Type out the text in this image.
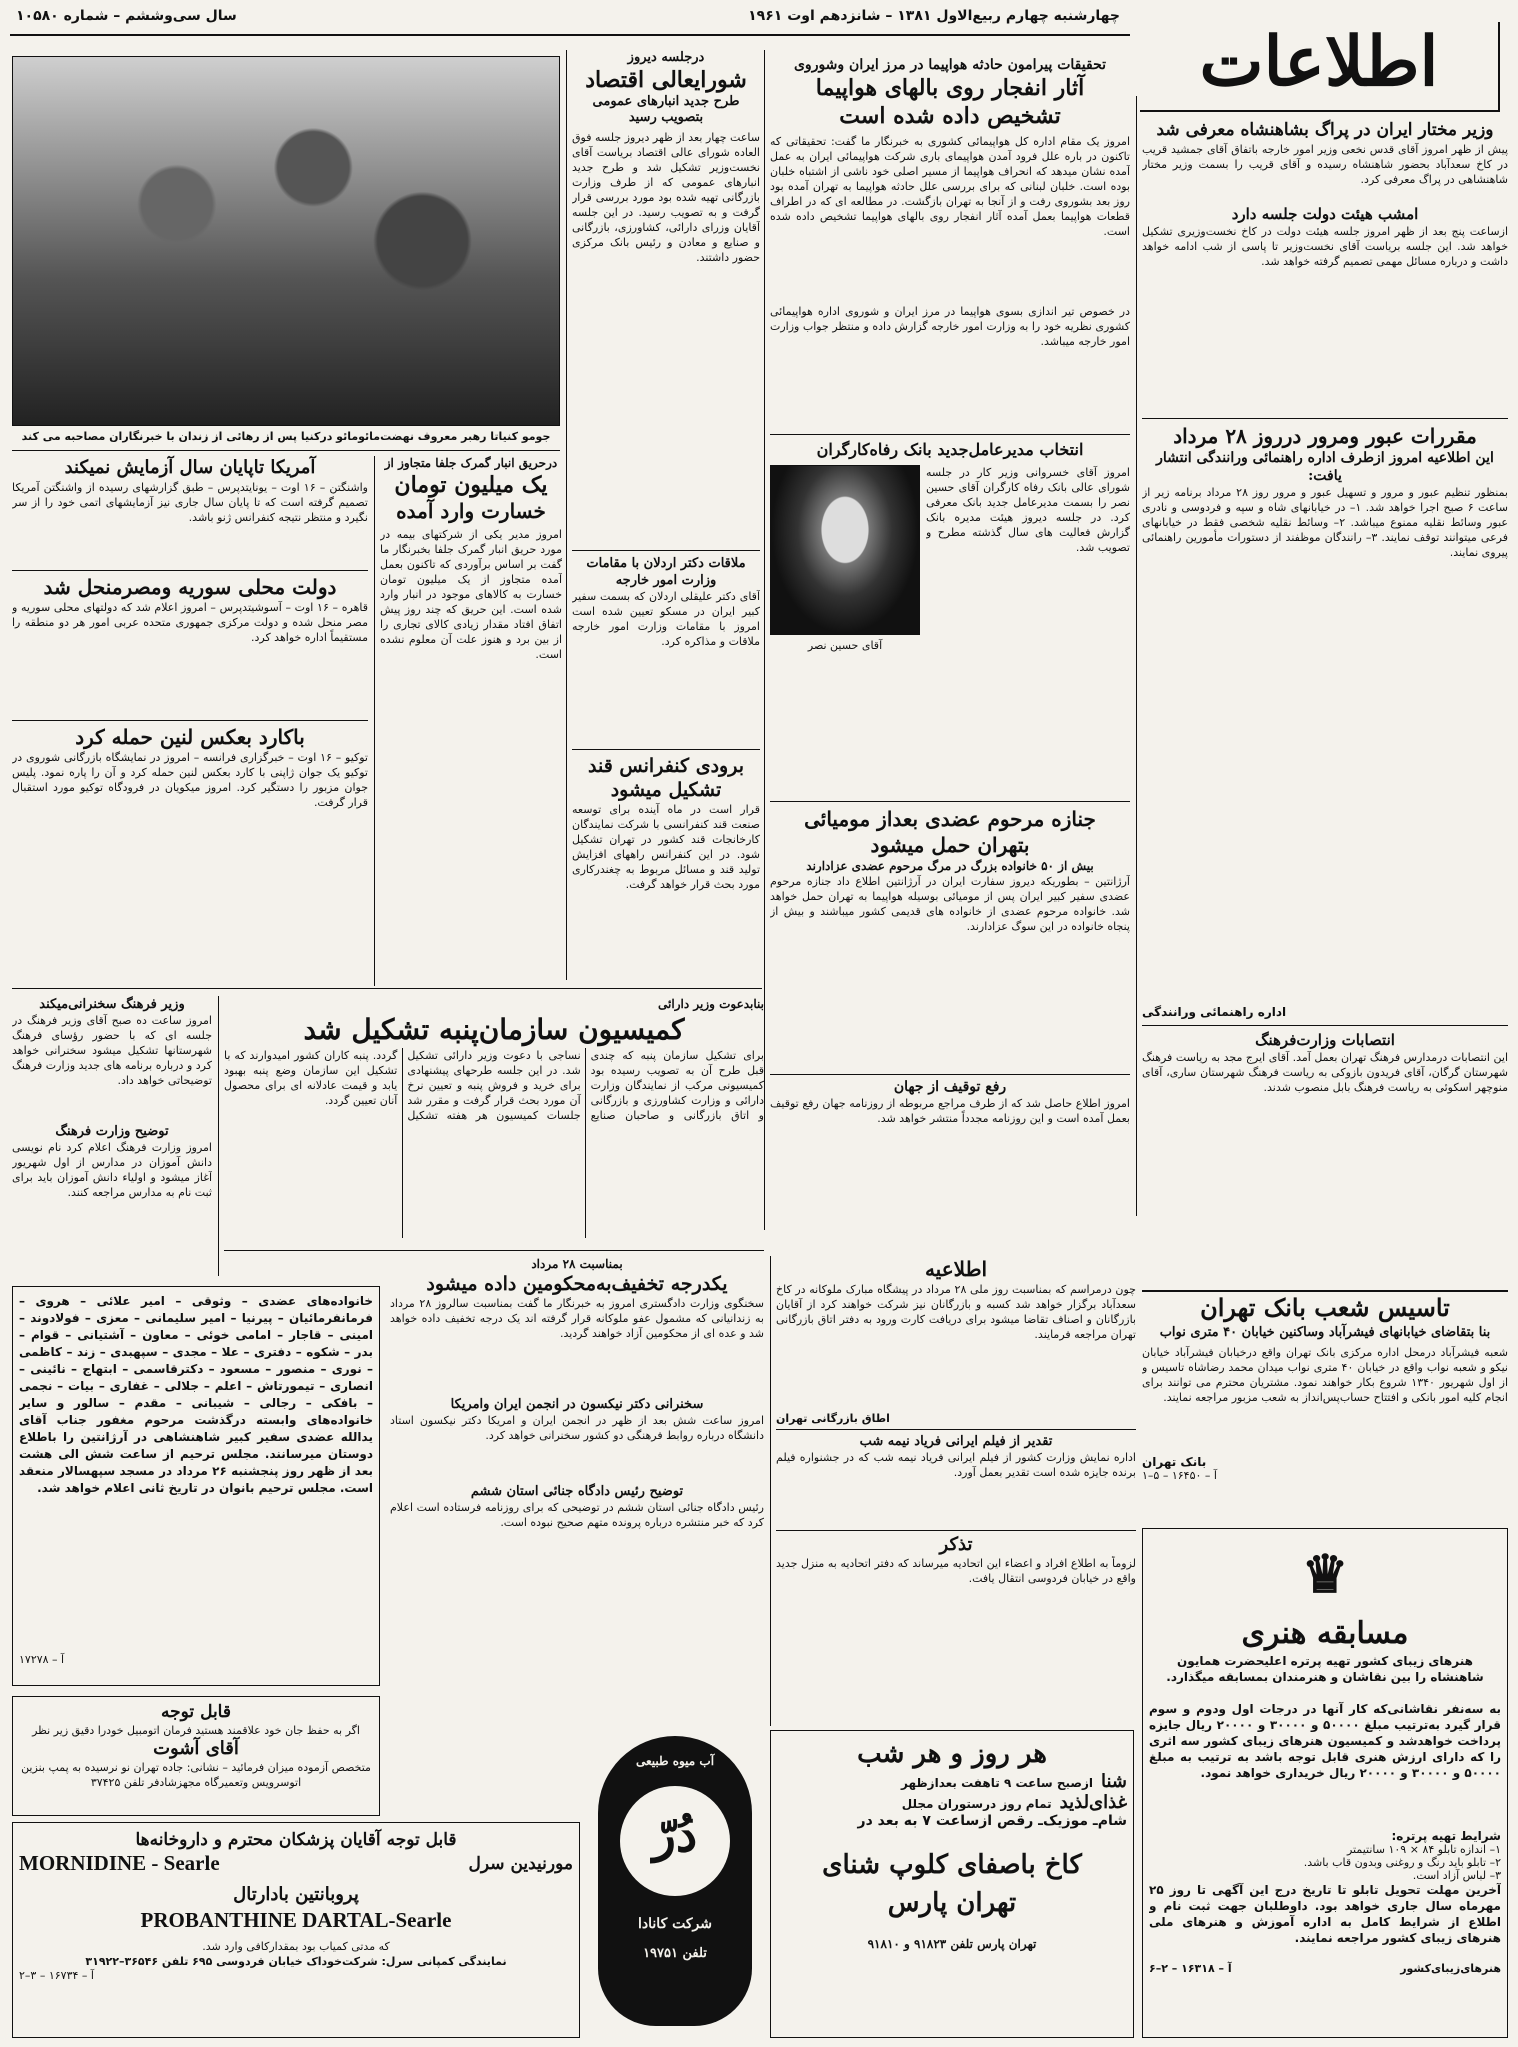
چهارشنبه چهارم ربیع‌الاول ۱۳۸۱ – شانزدهم اوت ۱۹۶۱
سال سی‌وششم – شماره ۱۰۵۸۰
اطلاعات
وزیر مختار ایران در پراگ بشاهنشاه معرفی شد
پیش از ظهر امروز آقای قدس نخعی وزیر امور خارجه باتفاق آقای جمشید قریب در کاخ سعدآباد بحضور شاهنشاه رسیده و آقای قریب را بسمت وزیر مختار شاهنشاهی در پراگ معرفی کرد.
امشب هیئت دولت جلسه دارد
ازساعت پنج بعد از ظهر امروز جلسه هیئت دولت در کاخ نخست‌وزیری تشکیل خواهد شد. این جلسه بریاست آقای نخست‌وزیر تا پاسی از شب ادامه خواهد داشت و درباره مسائل مهمی تصمیم گرفته خواهد شد.
مقررات عبور ومرور درروز ۲۸ مرداد
این اطلاعیه امروز ازطرف اداره راهنمائی ورانندگی انتشار یافت:
بمنظور تنظیم عبور و مرور و تسهیل عبور و مرور روز ۲۸ مرداد برنامه زیر از ساعت ۶ صبح اجرا خواهد شد. ۱– در خیابانهای شاه و سپه و فردوسی و نادری عبور وسائط نقلیه ممنوع میباشد. ۲– وسائط نقلیه شخصی فقط در خیابانهای فرعی میتوانند توقف نمایند. ۳– رانندگان موظفند از دستورات مأمورین راهنمائی پیروی نمایند.
اداره راهنمائی ورانندگی
انتصابات وزارت‌فرهنگ
این انتصابات درمدارس فرهنگ تهران بعمل آمد. آقای ایرج مجد به ریاست فرهنگ شهرستان گرگان، آقای فریدون بازوکی به ریاست فرهنگ شهرستان ساری، آقای منوچهر اسکوئی به ریاست فرهنگ بابل منصوب شدند.
تحقیقات پیرامون حادثه هواپیما در مرز ایران وشوروی
آثار انفجار روی بالهای هواپیما
تشخیص داده شده است
امروز یک مقام اداره کل هواپیمائی کشوری به خبرنگار ما گفت: تحقیقاتی که تاکنون در باره علل فرود آمدن هواپیمای باری شرکت هواپیمائی ایران به عمل آمده نشان میدهد که انحراف هواپیما از مسیر اصلی خود ناشی از اشتباه خلبان بوده است. خلبان لبنانی که برای بررسی علل حادثه هواپیما به تهران آمده بود روز بعد بشوروی رفت و از آنجا به تهران بازگشت. در مطالعه ای که در اطراف قطعات هواپیما بعمل آمده آثار انفجار روی بالهای هواپیما تشخیص داده شده است.
در خصوص تیر اندازی بسوی هواپیما در مرز ایران و شوروی اداره هواپیمائی کشوری نظریه خود را به وزارت امور خارجه گزارش داده و منتظر جواب وزارت امور خارجه میباشد.
انتخاب مدیرعامل‌جدید بانک رفاه‌کارگران
آقای حسین نصر
امروز آقای خسروانی وزیر کار در جلسه شورای عالی بانک رفاه کارگران آقای حسین نصر را بسمت مدیرعامل جدید بانک معرفی کرد. در جلسه دیروز هیئت مدیره بانک گزارش فعالیت های سال گذشته مطرح و تصویب شد.
جنازه مرحوم عضدی بعداز مومیائی
بتهران حمل میشود
بیش از ۵۰ خانواده بزرگ در مرگ مرحوم عضدی عزادارند
آرژانتین – بطوریکه دیروز سفارت ایران در آرژانتین اطلاع داد جنازه مرحوم عضدی سفیر کبیر ایران پس از مومیائی بوسیله هواپیما به تهران حمل خواهد شد. خانواده مرحوم عضدی از خانواده های قدیمی کشور میباشند و بیش از پنجاه خانواده در این سوگ عزادارند.
رفع توقیف از جهان
امروز اطلاع حاصل شد که از طرف مراجع مربوطه از روزنامه جهان رفع توقیف بعمل آمده است و این روزنامه مجدداً منتشر خواهد شد.
درجلسه دیروز
شورایعالی اقتصاد
طرح جدید انبارهای عمومی بتصویب رسید
ساعت چهار بعد از ظهر دیروز جلسه فوق العاده شورای عالی اقتصاد بریاست آقای نخست‌وزیر تشکیل شد و طرح جدید انبارهای عمومی که از طرف وزارت بازرگانی تهیه شده بود مورد بررسی قرار گرفت و به تصویب رسید. در این جلسه آقایان وزرای دارائی، کشاورزی، بازرگانی و صنایع و معادن و رئیس بانک مرکزی حضور داشتند.
ملاقات دکتر اردلان با مقامات وزارت امور خارجه
آقای دکتر علیقلی اردلان که بسمت سفیر کبیر ایران در مسکو تعیین شده است امروز با مقامات وزارت امور خارجه ملاقات و مذاکره کرد.
برودی کنفرانس قند تشکیل میشود
قرار است در ماه آینده برای توسعه صنعت قند کنفرانسی با شرکت نمایندگان کارخانجات قند کشور در تهران تشکیل شود. در این کنفرانس راههای افزایش تولید قند و مسائل مربوط به چغندرکاری مورد بحث قرار خواهد گرفت.
جومو کنیاتا رهبر معروف نهضت‌مائومائو درکنیا پس از رهائی از زندان با خبرنگاران مصاحبه می کند
درحریق انبار گمرک جلفا متجاوز از
یک میلیون تومان
خسارت وارد آمده
امروز مدیر یکی از شرکتهای بیمه در مورد حریق انبار گمرک جلفا بخبرنگار ما گفت بر اساس برآوردی که تاکنون بعمل آمده متجاوز از یک میلیون تومان خسارت به کالاهای موجود در انبار وارد شده است. این حریق که چند روز پیش اتفاق افتاد مقدار زیادی کالای تجاری را از بین برد و هنوز علت آن معلوم نشده است.
آمریکا تاپایان سال آزمایش نمیکند
واشنگتن – ۱۶ اوت – یونایتدپرس – طبق گزارشهای رسیده از واشنگتن آمریکا تصمیم گرفته است که تا پایان سال جاری نیز آزمایشهای اتمی خود را از سر نگیرد و منتظر نتیجه کنفرانس ژنو باشد.
دولت محلی سوریه ومصرمنحل شد
قاهره – ۱۶ اوت – آسوشیتدپرس – امروز اعلام شد که دولتهای محلی سوریه و مصر منحل شده و دولت مرکزی جمهوری متحده عربی امور هر دو منطقه را مستقیماً اداره خواهد کرد.
باکارد بعکس لنین حمله کرد
توکیو – ۱۶ اوت – خبرگزاری فرانسه – امروز در نمایشگاه بازرگانی شوروی در توکیو یک جوان ژاپنی با کارد بعکس لنین حمله کرد و آن را پاره نمود. پلیس جوان مزبور را دستگیر کرد. امروز میکویان در فرودگاه توکیو مورد استقبال قرار گرفت.
وزیر فرهنگ سخنرانی‌میکند
امروز ساعت ده صبح آقای وزیر فرهنگ در جلسه ای که با حضور رؤسای فرهنگ شهرستانها تشکیل میشود سخنرانی خواهد کرد و درباره برنامه های جدید وزارت فرهنگ توضیحاتی خواهد داد.
توضیح وزارت فرهنگ
امروز وزارت فرهنگ اعلام کرد نام نویسی دانش آموزان در مدارس از اول شهریور آغاز میشود و اولیاء دانش آموزان باید برای ثبت نام به مدارس مراجعه کنند.
بنابدعوت وزیر دارائی
کمیسیون سازمان‌پنبه تشکیل شد
برای تشکیل سازمان پنبه که چندی قبل طرح آن به تصویب رسیده بود کمیسیونی مرکب از نمایندگان وزارت دارائی و وزارت کشاورزی و بازرگانی و اتاق بازرگانی و صاحبان صنایع نساجی با دعوت وزیر دارائی تشکیل شد. در این جلسه طرحهای پیشنهادی برای خرید و فروش پنبه و تعیین نرخ آن مورد بحث قرار گرفت و مقرر شد جلسات کمیسیون هر هفته تشکیل گردد. پنبه کاران کشور امیدوارند که با تشکیل این سازمان وضع پنبه بهبود یابد و قیمت عادلانه ای برای محصول آنان تعیین گردد.
خانواده‌های عضدی – وثوقی – امیر علائی – هروی – فرمانفرمائیان – پیرنیا – امیر سلیمانی – معزی – فولادوند – امینی – قاجار – امامی خوئی – معاون – آشتیانی – قوام – بدر – شکوه – دفتری – علا – مجدی – سپهبدی – زند – کاظمی – نوری – منصور – مسعود – دکترقاسمی – ابتهاج – نائینی – انصاری – تیمورتاش – اعلم – جلالی – غفاری – بیات – نجمی – بافکی – رجالی – شیبانی – مقدم – سالور و سایر خانواده‌های وابسته درگذشت مرحوم مغفور جناب آقای یدالله عضدی سفیر کبیر شاهنشاهی در آرژانتین را باطلاع دوستان میرسانند. مجلس ترحیم از ساعت شش الی هشت بعد از ظهر روز پنجشنبه ۲۶ مرداد در مسجد سپهسالار منعقد است. مجلس ترحیم بانوان در تاریخ ثانی اعلام خواهد شد.
آ – ۱۷۲۷۸
قابل توجه
اگر به حفظ جان خود علاقمند هستید فرمان اتومبیل خودرا دقیق زیر نظر
آقای آشوت
متخصص آزموده میزان فرمائید – نشانی: جاده تهران نو نرسیده به پمپ بنزین اتوسرویس وتعمیرگاه مجهزشادفر تلفن ۳۷۴۲۵
بمناسبت ۲۸ مرداد
یکدرجه تخفیف‌به‌محکومین داده میشود
سخنگوی وزارت دادگستری امروز به خبرنگار ما گفت بمناسبت سالروز ۲۸ مرداد به زندانیانی که مشمول عفو ملوکانه قرار گرفته اند یک درجه تخفیف داده خواهد شد و عده ای از محکومین آزاد خواهند گردید.
سخنرانی دکتر نیکسون در انجمن ایران وامریکا
امروز ساعت شش بعد از ظهر در انجمن ایران و امریکا دکتر نیکسون استاد دانشگاه درباره روابط فرهنگی دو کشور سخنرانی خواهد کرد.
توضیح رئیس دادگاه جنائی استان ششم
رئیس دادگاه جنائی استان ششم در توضیحی که برای روزنامه فرستاده است اعلام کرد که خبر منتشره درباره پرونده متهم صحیح نبوده است.
اطلاعیه
چون درمراسم که بمناسبت روز ملی ۲۸ مرداد در پیشگاه مبارک ملوکانه در کاخ سعدآباد برگزار خواهد شد کسبه و بازرگانان نیز شرکت خواهند کرد از آقایان بازرگانان و اصناف تقاضا میشود برای دریافت کارت ورود به دفتر اتاق بازرگانی تهران مراجعه فرمایند.
اطاق بازرگانی تهران
تقدیر از فیلم ایرانی فریاد نیمه شب
اداره نمایش وزارت کشور از فیلم ایرانی فریاد نیمه شب که در جشنواره فیلم برنده جایزه شده است تقدیر بعمل آورد.
تذکر
لزوماً به اطلاع افراد و اعضاء این اتحادیه میرساند که دفتر اتحادیه به منزل جدید واقع در خیابان فردوسی انتقال یافت.
تاسیس شعب بانک تهران
بنا بتقاضای خیابانهای فیشرآباد وساکنین خیابان ۴۰ متری نواب
شعبه فیشرآباد درمحل اداره مرکزی بانک تهران واقع درخیابان فیشرآباد خیابان نیکو و شعبه نواب واقع در خیابان ۴۰ متری نواب میدان محمد رضاشاه تاسیس و از اول شهریور ۱۳۴۰ شروع بکار خواهند نمود. مشتریان محترم می توانند برای انجام کلیه امور بانکی و افتتاح حساب‌پس‌انداز به شعب مزبور مراجعه نمایند.
بانک تهران
آ – ۱۶۴۵۰ – ۵–۱
♛
مسابقه هنری
هنرهای زیبای کشور تهیه پرتره اعلیحضرت همایون شاهنشاه را بین نقاشان و هنرمندان بمسابقه میگذارد.
به سه‌نفر نقاشانی‌که کار آنها در درجات اول ودوم و سوم قرار گیرد به‌ترتیب مبلغ ۵۰۰۰۰ و ۳۰۰۰۰ و ۲۰۰۰۰ ریال جایزه پرداخت خواهدشد و کمیسیون هنرهای زیبای کشور سه اثری را که دارای ارزش هنری قابل توجه باشد به ترتیب به مبلغ ۵۰۰۰۰ و ۳۰۰۰۰ و ۲۰۰۰۰ ریال خریداری خواهد نمود.
شرایط تهیه پرتره:
۱– اندازه تابلو ۸۴ × ۱۰۹ سانتیمتر
۲– تابلو باید رنگ و روغنی وبدون قاب باشد.
۳– لباس آزاد است.
آخرین مهلت تحویل تابلو تا تاریخ درج این آگهی تا روز ۲۵ مهرماه سال جاری خواهد بود. داوطلبان جهت ثبت نام و اطلاع از شرایط کامل به اداره آموزش و هنرهای ملی هنرهای زیبای کشور مراجعه نمایند.
هنرهای‌زیبای‌کشور
آ – ۱۶۳۱۸ – ۲–۶
قابل توجه آقایان پزشکان محترم و داروخانه‌ها
MORNIDINE - Searle	مورنیدین سرل
پروبانتین بادارتال
PROBANTHINE DARTAL-Searle
که مدتی کمیاب بود بمقدارکافی وارد شد.
نمایندگی کمپانی سرل: شرکت‌خوداک خیابان فردوسی ۶۹۵ تلفن ۳۶۵۴۶–۳۱۹۲۲
آ – ۱۶۷۳۴ – ۳–۲
آب میوه طبیعی
دُرّ
شرکت کانادا
تلفن ۱۹۷۵۱
هر روز و هر شب
شنا
ازصبح ساعت ۹ تاهفت بعدازظهر
غذای‌لذید
تمام روز درستوران مجلل
شام‌ـ موزیک‌ـ رقص ازساعت ۷ به بعد در
کاخ باصفای کلوپ شنای
تهران پارس
تهران پارس تلفن ۹۱۸۲۳ و ۹۱۸۱۰
